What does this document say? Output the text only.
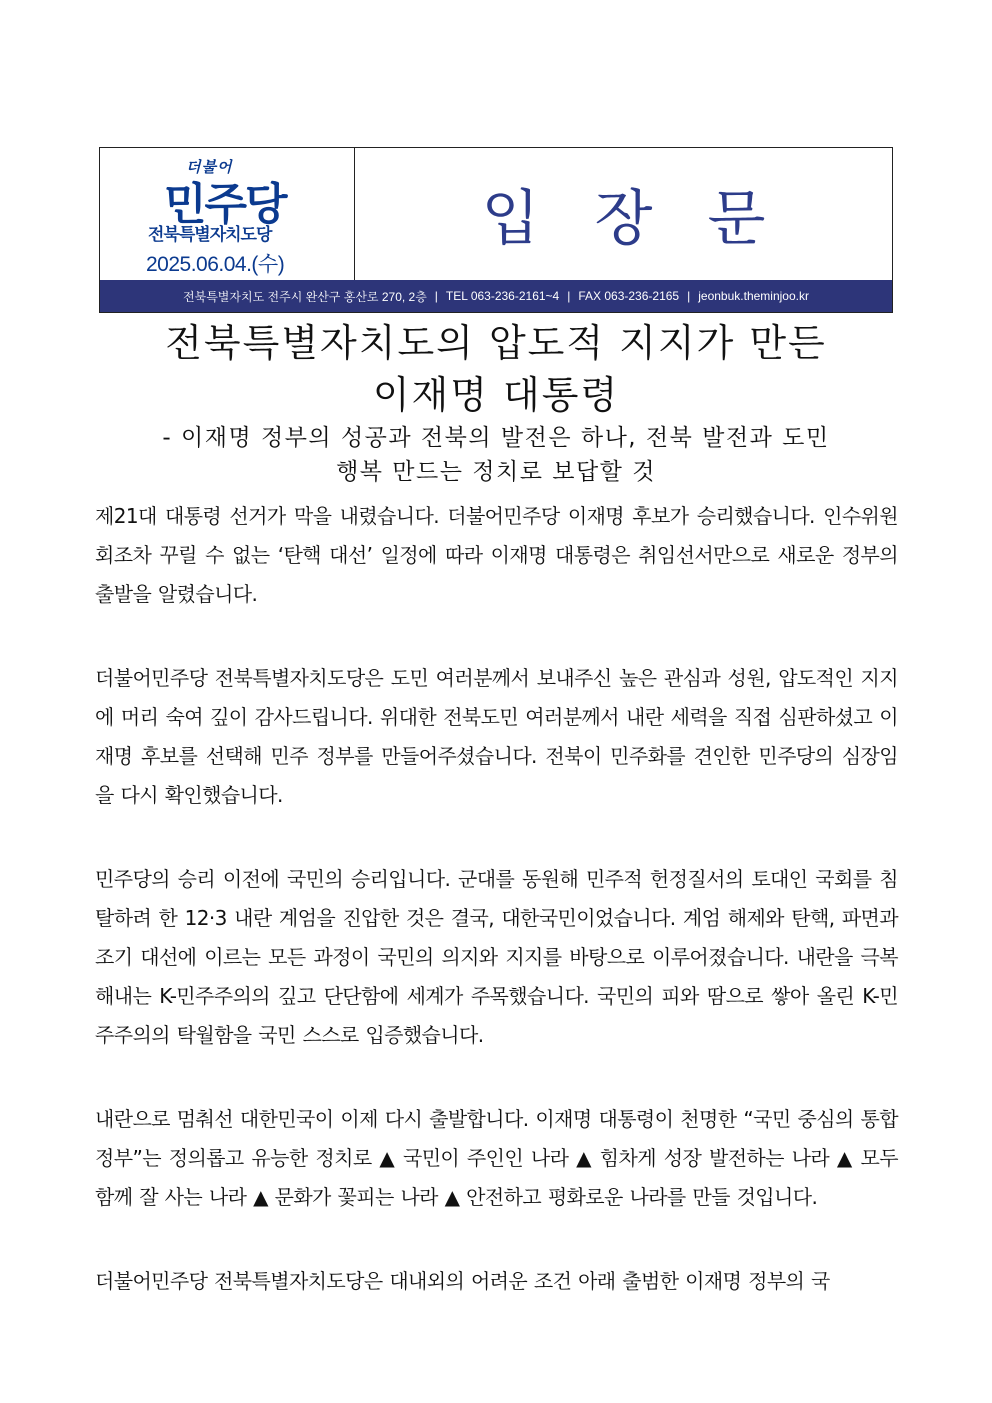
더불어
민주당
전북특별자치도당
2025.06.04.(수)
입 장 문
전북특별자치도 전주시 완산구 홍산로 270, 2층 | TEL 063-236-2161~4 | FAX 063-236-2165 | jeonbuk.theminjoo.kr
전북특별자치도의 압도적 지지가 만든
이재명 대통령
- 이재명 정부의 성공과 전북의 발전은 하나, 전북 발전과 도민
행복 만드는 정치로 보답할 것

제21대 대통령 선거가 막을 내렸습니다. 더불어민주당 이재명 후보가 승리했습니다. 인수위원회조차 꾸릴 수 없는 ‘탄핵 대선’ 일정에 따라 이재명 대통령은 취임선서만으로 새로운 정부의 출발을 알렸습니다.

더불어민주당 전북특별자치도당은 도민 여러분께서 보내주신 높은 관심과 성원, 압도적인 지지에 머리 숙여 깊이 감사드립니다. 위대한 전북도민 여러분께서 내란 세력을 직접 심판하셨고 이재명 후보를 선택해 민주 정부를 만들어주셨습니다. 전북이 민주화를 견인한 민주당의 심장임을 다시 확인했습니다.

민주당의 승리 이전에 국민의 승리입니다. 군대를 동원해 민주적 헌정질서의 토대인 국회를 침탈하려 한 12·3 내란 계엄을 진압한 것은 결국, 대한국민이었습니다. 계엄 해제와 탄핵, 파면과 조기 대선에 이르는 모든 과정이 국민의 의지와 지지를 바탕으로 이루어졌습니다. 내란을 극복해내는 K-민주주의의 깊고 단단함에 세계가 주목했습니다. 국민의 피와 땀으로 쌓아 올린 K-민주주의의 탁월함을 국민 스스로 입증했습니다.

내란으로 멈춰선 대한민국이 이제 다시 출발합니다. 이재명 대통령이 천명한 “국민 중심의 통합정부”는 정의롭고 유능한 정치로 ▲ 국민이 주인인 나라 ▲ 힘차게 성장 발전하는 나라 ▲ 모두 함께 잘 사는 나라 ▲ 문화가 꽃피는 나라 ▲ 안전하고 평화로운 나라를 만들 것입니다.

더불어민주당 전북특별자치도당은 대내외의 어려운 조건 아래 출범한 이재명 정부의 국
